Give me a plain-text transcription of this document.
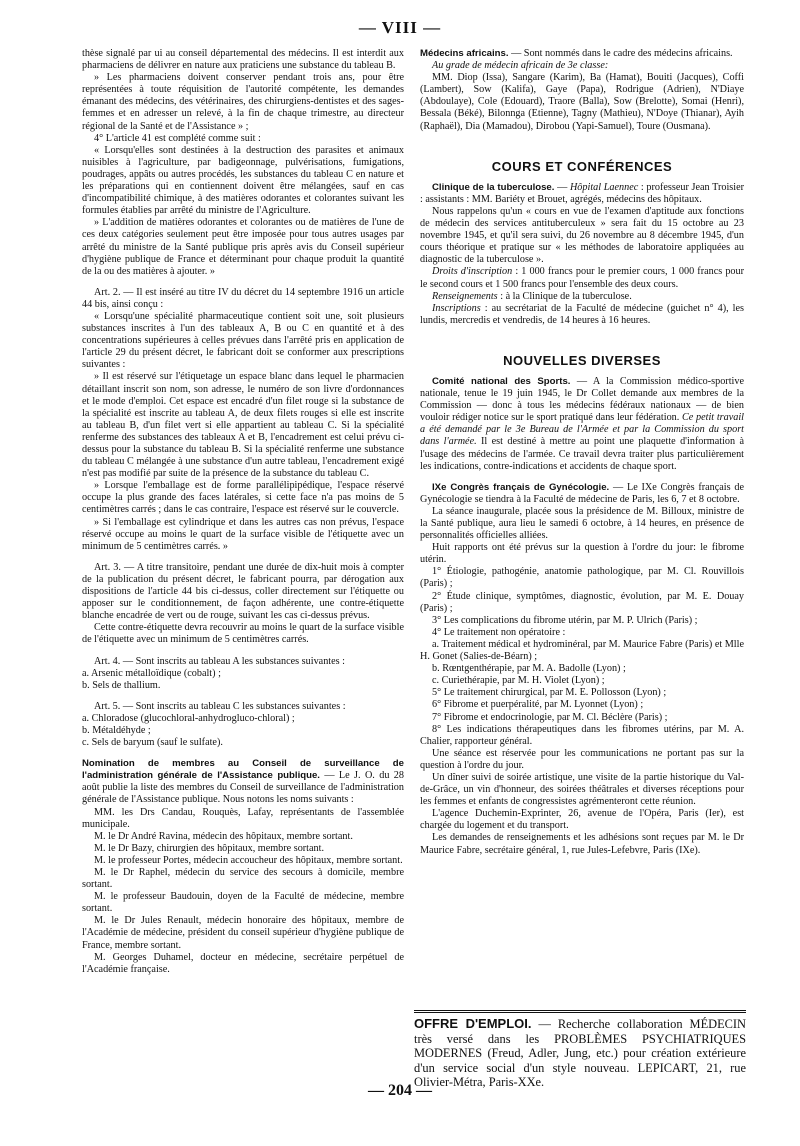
— VIII —

thèse signalé par ui au conseil départemental des médecins. Il est interdit aux pharmaciens de délivrer en nature aux praticiens une substance du tableau B.

» Les pharmaciens doivent conserver pendant trois ans, pour être représentées à toute réquisition de l'autorité compétente, les demandes émanant des médecins, des vétérinaires, des chirurgiens-dentistes et des sages-femmes et en adresser un relevé, à la fin de chaque trimestre, au directeur régional de la Santé et de l'Assistance » ;

4° L'article 41 est complété comme suit :

« Lorsqu'elles sont destinées à la destruction des parasites et animaux nuisibles à l'agriculture, par badigeonnage, pulvérisations, fumigations, poudrages, appâts ou autres procédés, les substances du tableau C en nature et les préparations qui en contiennent doivent être mélangées, sauf en cas d'incompatibilité chimique, à des matières odorantes et colorantes suivant les formules établies par arrêté du ministre de l'Agriculture.

» L'addition de matières odorantes et colorantes ou de matières de l'une de ces deux catégories seulement peut être imposée pour tous autres usages par arrêté du ministre de la Santé publique pris après avis du Conseil supérieur d'hygiène publique de France et déterminant pour chaque produit la quantité de la ou des matières à ajouter. »

Art. 2. — Il est inséré au titre IV du décret du 14 septembre 1916 un article 44 bis, ainsi conçu :

« Lorsqu'une spécialité pharmaceutique contient soit une, soit plusieurs substances inscrites à l'un des tableaux A, B ou C en quantité et à des concentrations supérieures à celles prévues dans l'arrêté pris en application de l'article 29 du présent décret, le fabricant doit se conformer aux prescriptions suivantes :

» Il est réservé sur l'étiquetage un espace blanc dans lequel le pharmacien détaillant inscrit son nom, son adresse, le numéro de son livre d'ordonnances et le mode d'emploi. Cet espace est encadré d'un filet rouge si la substance de la spécialité est inscrite au tableau A, de deux filets rouges si elle est inscrite au tableau B, d'un filet vert si elle appartient au tableau C. Si la spécialité renferme des substances des tableaux A et B, l'encadrement est celui prévu ci-dessus pour la substance du tableau B. Si la spécialité renferme une substance du tableau C mélangée à une substance d'un autre tableau, l'encadrement exigé n'est pas modifié par suite de la présence de la substance du tableau C.

» Lorsque l'emballage est de forme parallélipipédique, l'espace réservé occupe la plus grande des faces latérales, si cette face n'a pas moins de 5 centimètres carrés ; dans le cas contraire, l'espace est réservé sur le couvercle.

» Si l'emballage est cylindrique et dans les autres cas non prévus, l'espace réservé occupe au moins le quart de la surface visible de l'étiquette avec un minimum de 5 centimètres carrés. »

Art. 3. — A titre transitoire, pendant une durée de dix-huit mois à compter de la publication du présent décret, le fabricant pourra, par dérogation aux dispositions de l'article 44 bis ci-dessus, coller directement sur l'étiquette ou apposer sur le conditionnement, de façon adhérente, une contre-étiquette blanche encadrée de vert ou de rouge, suivant les cas ci-dessus prévus.

Cette contre-étiquette devra recouvrir au moins le quart de la surface visible de l'étiquette avec un minimum de 5 centimètres carrés.

Art. 4. — Sont inscrits au tableau A les substances suivantes :

a. Arsenic métalloïdique (cobalt) ;

b. Sels de thallium.

Art. 5. — Sont inscrits au tableau C les substances suivantes :

a. Chloradose (glucochloral-anhydrogluco-chloral) ;

b. Métaldéhyde ;

c. Sels de baryum (sauf le sulfate).

Nomination de membres au Conseil de surveillance de l'administration générale de l'Assistance publique. — Le J. O. du 28 août publie la liste des membres du Conseil de surveillance de l'administration générale de l'Assistance publique. Nous notons les noms suivants :

MM. les Drs Candau, Rouquès, Lafay, représentants de l'assemblée municipale.

M. le Dr André Ravina, médecin des hôpitaux, membre sortant.

M. le Dr Bazy, chirurgien des hôpitaux, membre sortant.

M. le professeur Portes, médecin accoucheur des hôpitaux, membre sortant.

M. le Dr Raphel, médecin du service des secours à domicile, membre sortant.

M. le professeur Baudouin, doyen de la Faculté de médecine, membre sortant.

M. le Dr Jules Renault, médecin honoraire des hôpitaux, membre de l'Académie de médecine, président du conseil supérieur d'hygiène publique de France, membre sortant.

M. Georges Duhamel, docteur en médecine, secrétaire perpétuel de l'Académie française.

Médecins africains. — Sont nommés dans le cadre des médecins africains.

Au grade de médecin africain de 3e classe:

MM. Diop (Issa), Sangare (Karim), Ba (Hamat), Bouiti (Jacques), Coffi (Lambert), Sow (Kalifa), Gaye (Papa), Rodrigue (Adrien), N'Diaye (Abdoulaye), Cole (Edouard), Traore (Balla), Sow (Brelotte), Somai (Henri), Bessala (Béké), Bilonnga (Etienne), Tagny (Mathieu), N'Doye (Thianar), Ayih (Raphaël), Dia (Mamadou), Dirobou (Yapi-Samuel), Toure (Ousmana).

COURS ET CONFÉRENCES

Clinique de la tuberculose. — Hôpital Laennec : professeur Jean Troisier : assistants : MM. Bariéty et Brouet, agrégés, médecins des hôpitaux.

Nous rappelons qu'un « cours en vue de l'examen d'aptitude aux fonctions de médecin des services antituberculeux » sera fait du 15 octobre au 23 novembre 1945, et qu'il sera suivi, du 26 novembre au 8 décembre 1945, d'un cours théorique et pratique sur « les méthodes de laboratoire appliquées au diagnostic de la tuberculose ».

Droits d'inscription : 1 000 francs pour le premier cours, 1 000 francs pour le second cours et 1 500 francs pour l'ensemble des deux cours.

Renseignements : à la Clinique de la tuberculose.

Inscriptions : au secrétariat de la Faculté de médecine (guichet n° 4), les lundis, mercredis et vendredis, de 14 heures à 16 heures.

NOUVELLES DIVERSES

Comité national des Sports. — A la Commission médico-sportive nationale, tenue le 19 juin 1945, le Dr Collet demande aux membres de la Commission — donc à tous les médecins fédéraux nationaux — de bien vouloir rédiger notice sur le sport pratiqué dans leur fédération. Ce petit travail a été demandé par le 3e Bureau de l'Armée et par la Commission du sport dans l'armée. Il est destiné à mettre au point une plaquette d'information à l'usage des médecins de l'armée. Ce travail devra traiter plus particulièrement les indications, contre-indications et accidents de chaque sport.

IXe Congrès français de Gynécologie. — Le IXe Congrès français de Gynécologie se tiendra à la Faculté de médecine de Paris, les 6, 7 et 8 octobre.

La séance inaugurale, placée sous la présidence de M. Billoux, ministre de la Santé publique, aura lieu le samedi 6 octobre, à 14 heures, en présence de personnalités officielles alliées.

Huit rapports ont été prévus sur la question à l'ordre du jour: le fibrome utérin.

1° Étiologie, pathogénie, anatomie pathologique, par M. Cl. Rouvillois (Paris) ;

2° Étude clinique, symptômes, diagnostic, évolution, par M. E. Douay (Paris) ;

3° Les complications du fibrome utérin, par M. P. Ulrich (Paris) ;

4° Le traitement non opératoire :

a. Traitement médical et hydrominéral, par M. Maurice Fabre (Paris) et Mlle H. Gonet (Salies-de-Béarn) ;

b. Rœntgenthérapie, par M. A. Badolle (Lyon) ;

c. Curiethérapie, par M. H. Violet (Lyon) ;

5° Le traitement chirurgical, par M. E. Pollosson (Lyon) ;

6° Fibrome et puerpéralité, par M. Lyonnet (Lyon) ;

7° Fibrome et endocrinologie, par M. Cl. Béclère (Paris) ;

8° Les indications thérapeutiques dans les fibromes utérins, par M. A. Chalier, rapporteur général.

Une séance est réservée pour les communications ne portant pas sur la question à l'ordre du jour.

Un dîner suivi de soirée artistique, une visite de la partie historique du Val-de-Grâce, un vin d'honneur, des soirées théâtrales et diverses réceptions pour les femmes et enfants de congressistes agrémenteront cette réunion.

L'agence Duchemin-Exprinter, 26, avenue de l'Opéra, Paris (Ier), est chargée du logement et du transport.

Les demandes de renseignements et les adhésions sont reçues par M. le Dr Maurice Fabre, secrétaire général, 1, rue Jules-Lefebvre, Paris (IXe).

OFFRE D'EMPLOI. — Recherche collaboration MÉDECIN très versé dans les PROBLÈMES PSYCHIATRIQUES MODERNES (Freud, Adler, Jung, etc.) pour création extérieure d'un service social d'un style nouveau. LEPICART, 21, rue Olivier-Métra, Paris-XXe.
— 204 —
